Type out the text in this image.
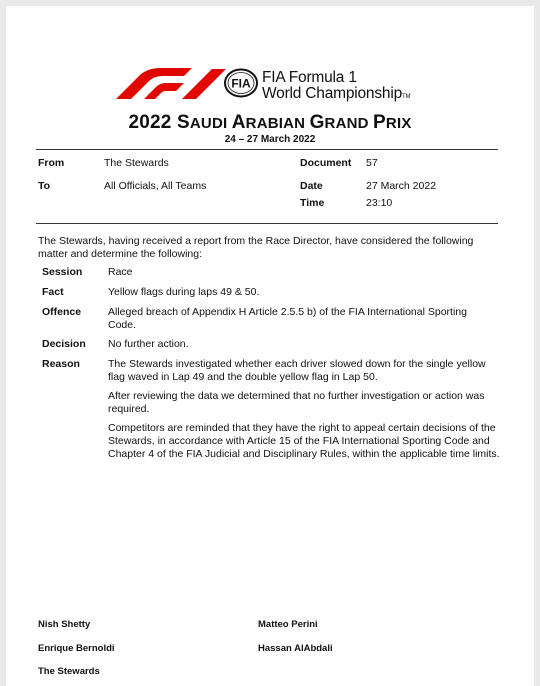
FIA FIA Formula 1
World ChampionshipTM
2022 SAUDI ARABIAN GRAND PRIX
24 – 27 March 2022
From	The Stewards	Document 57
To	All Officials, All Teams	Date	27 March 2022
Time	23:10
The Stewards, having received a report from the Race Director, have considered the following matter and determine the following:
Session Race
Fact	Yellow flags during laps 49 & 50.
Offence	Alleged breach of Appendix H Article 2.5.5 b) of the FIA International Sporting Code.
Decision No further action.
Reason	The Stewards investigated whether each driver slowed down for the single yellow flag waved in Lap 49 and the double yellow flag in Lap 50.
After reviewing the data we determined that no further investigation or action was required.
Competitors are reminded that they have the right to appeal certain decisions of the Stewards, in accordance with Article 15 of the FIA International Sporting Code and Chapter 4 of the FIA Judicial and Disciplinary Rules, within the applicable time limits.
Nish Shetty	Matteo Perini
Enrique Bernoldi	Hassan AlAbdali
The Stewards
